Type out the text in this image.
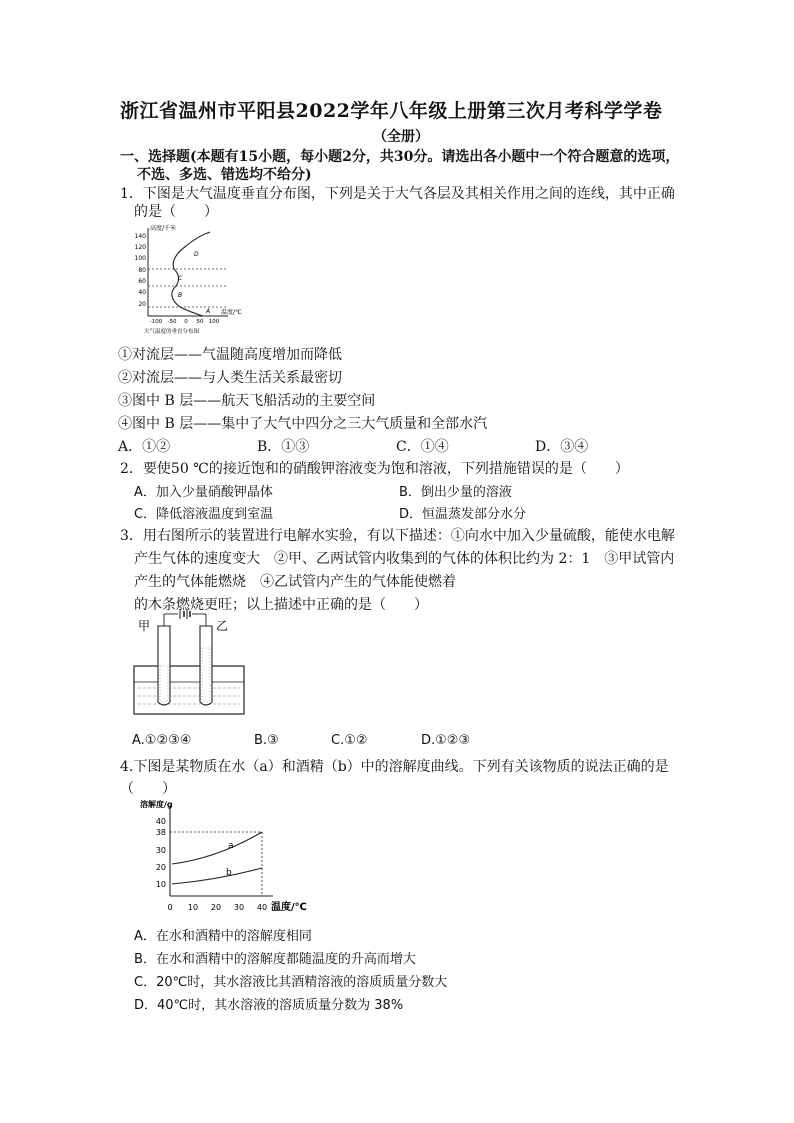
浙江省温州市平阳县2022学年八年级上册第三次月考科学学卷
（全册）
一、选择题(本题有15小题，每小题2分，共30分。请选出各小题中一个符合题意的选项，
不选、多选、错选均不给分)
1．下图是大气温度垂直分布图，下列是关于大气各层及其相关作用之间的连线，其中正确
的是（　　）
高度/千米
140
120
100
80
60
40
20
D
C
B
A
-100 -50 0 50 100
温度/℃
大气温度的垂直分布图
①对流层——气温随高度增加而降低
②对流层——与人类生活关系最密切
③图中 B 层——航天飞船活动的主要空间
④图中 B 层——集中了大气中四分之三大气质量和全部水汽
A．①②	B．①③	C．①④	D．③④
2．要使50 ℃的接近饱和的硝酸钾溶液变为饱和溶液，下列措施错误的是（　　）
A．加入少量硝酸钾晶体	B．倒出少量的溶液
C．降低溶液温度到室温	D．恒温蒸发部分水分
3．用右图所示的装置进行电解水实验，有以下描述：①向水中加入少量硫酸，能使水电解
产生气体的速度变大　②甲、乙两试管内收集到的气体的体积比约为 2：1　③甲试管内
产生的气体能燃烧　④乙试管内产生的气体能使燃着
的木条燃烧更旺；以上描述中正确的是（　　）
甲	乙
A.①②③④	B.③	C.①②	D.①②③
4.下图是某物质在水（a）和酒精（b）中的溶解度曲线。下列有关该物质的说法正确的是
（　　）
溶解度/g
40
38
30
20
10
a
b
0 10 20 30 40 温度/℃
A．在水和酒精中的溶解度相同
B．在水和酒精中的溶解度都随温度的升高而增大
C．20℃时，其水溶液比其酒精溶液的溶质质量分数大
D．40℃时，其水溶液的溶质质量分数为 38%
